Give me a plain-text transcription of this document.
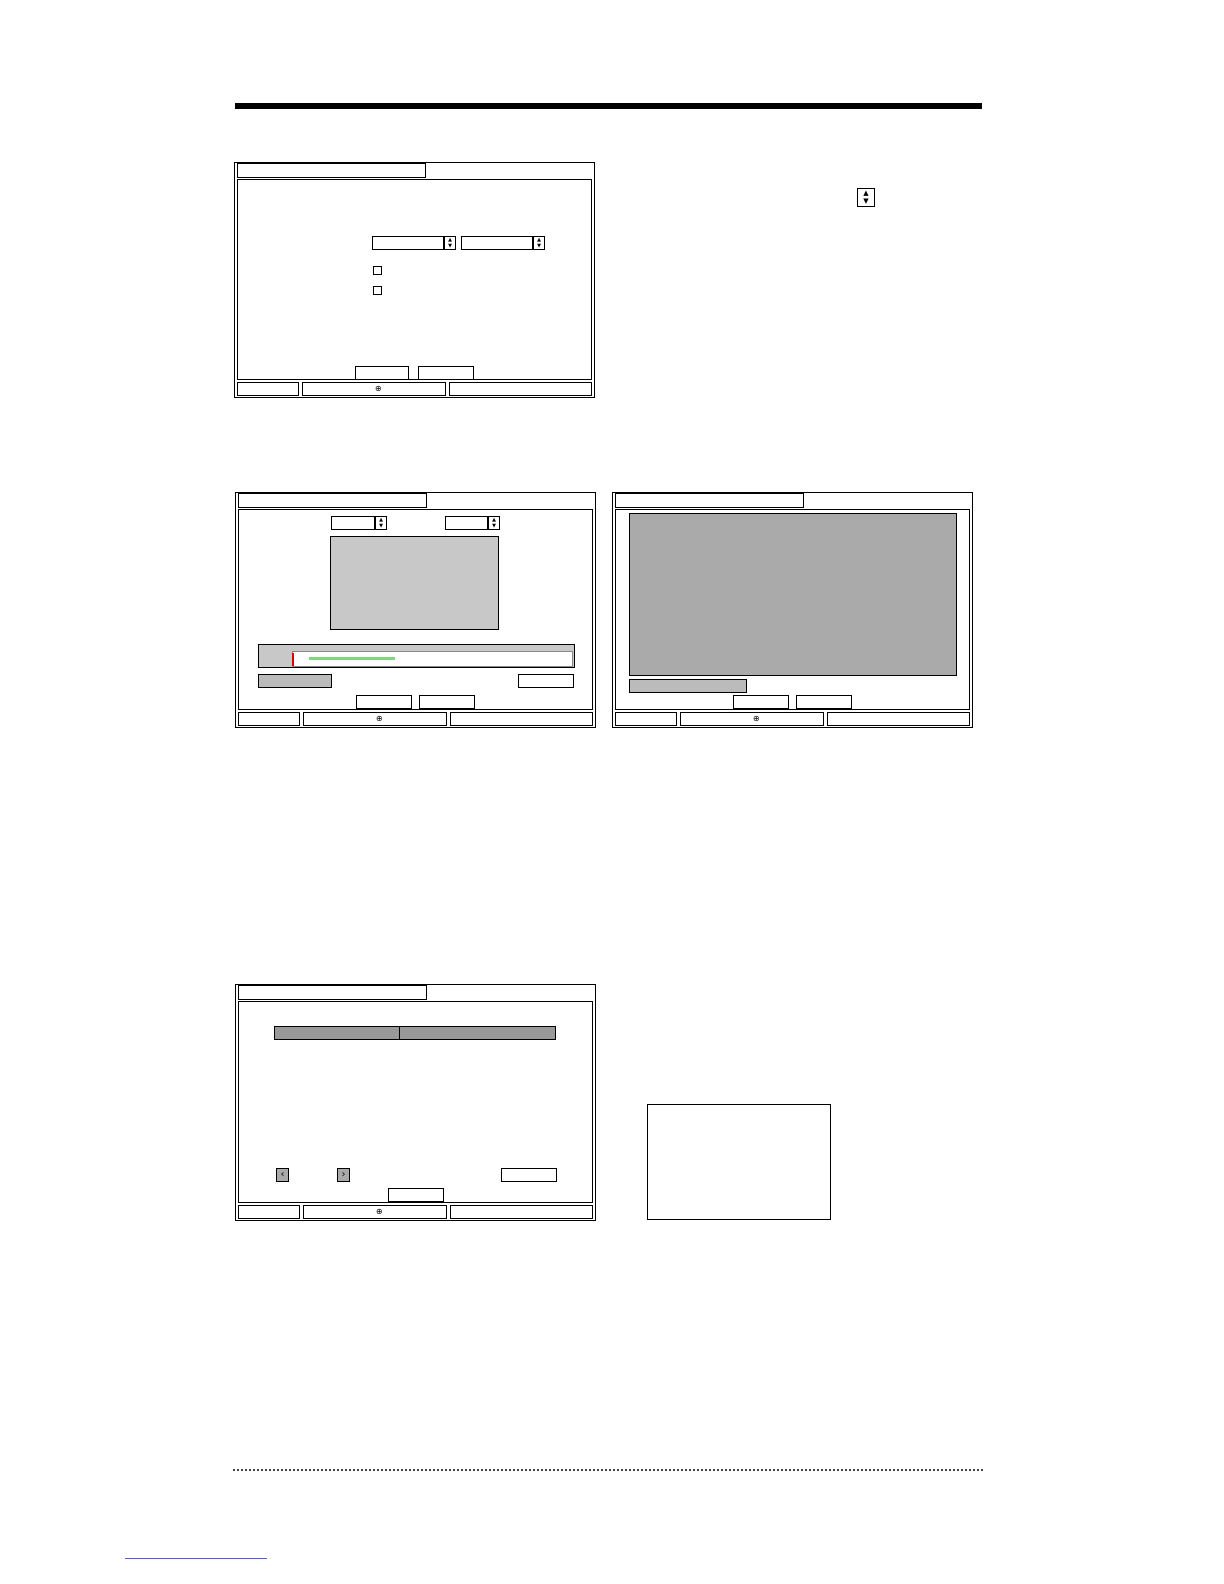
▲
▼
▲
▼
▲
▼
⊕
▲
▼
▲
▼
⊕	⊕
‹	›
⊕
